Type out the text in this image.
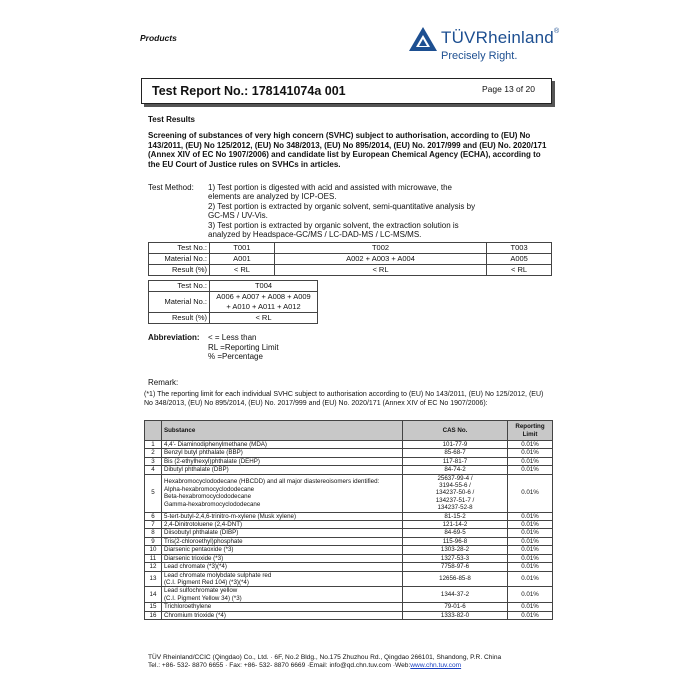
Products	TÜVRheinland®
Precisely Right.
Test Report No.: 178141074a 001	Page 13 of 20
Test Results
Screening of substances of very high concern (SVHC) subject to authorisation, according to (EU) No 143/2011, (EU) No 125/2012, (EU) No 348/2013, (EU) No 895/2014, (EU) No. 2017/999 and (EU) No. 2020/171 (Annex XIV of EC No 1907/2006) and candidate list by European Chemical Agency (ECHA), according to the EU Court of Justice rules on SVHCs in articles.
Test Method: 1) Test portion is digested with acid and assisted with microwave, the
elements are analyzed by ICP-OES.
2) Test portion is extracted by organic solvent, semi-quantitative analysis by
GC-MS / UV-Vis.
3) Test portion is extracted by organic solvent, the extraction solution is
analyzed by Headspace-GC/MS / LC-DAD-MS / LC-MS/MS.
Test No.:	T001	T002	T003
Material No.:	A001	A002 + A003 + A004	A005
Result (%)	< RL	< RL	< RL
Test No.:	T004
Material No.:	A006 + A007 + A008 + A009
+ A010 + A011 + A012

Result (%)	< RL
Abbreviation: < = Less than
RL =Reporting Limit
% =Percentage
Remark:
(*1) The reporting limit for each individual SVHC subject to authorisation according to (EU) No 143/2011, (EU) No 125/2012, (EU) No 348/2013, (EU) No 895/2014, (EU) No. 2017/999 and (EU) No. 2020/171 (Annex XIV of EC No 1907/2006):
	Substance	CAS No.	Reporting Limit
1	4,4'- Diaminodiphenylmethane (MDA)	101-77-9	0.01%
2	Benzyl butyl phthalate (BBP)	85-68-7	0.01%
3	Bis (2-ethylhexyl)phthalate (DEHP)	117-81-7	0.01%
4	Dibutyl phthalate (DBP)	84-74-2	0.01%
5	Hexabromocyclododecane (HBCDD) and all major diastereoisomers identified:
Alpha-hexabromocyclododecane
Beta-hexabromocyclododecane
Gamma-hexabromocyclododecane	25637-99-4 /
3194-55-6 /
134237-50-6 /
134237-51-7 /
134237-52-8	0.01%
6	5-tert-butyl-2,4,6-trinitro-m-xylene (Musk xylene)	81-15-2	0.01%
7	2,4-Dinitrotoluene (2,4-DNT)	121-14-2	0.01%
8	Diisobutyl phthalate (DIBP)	84-69-5	0.01%
9	Tris(2-chloroethyl)phosphate	115-96-8	0.01%
10	Diarsenic pentaoxide (*3)	1303-28-2	0.01%
11	Diarsenic trioxide (*3)	1327-53-3	0.01%
12	Lead chromate (*3)(*4)	7758-97-6	0.01%
13	Lead chromate molybdate sulphate red
(C.I. Pigment Red 104) (*3)(*4)	12656-85-8	0.01%
14	Lead sulfochromate yellow
(C.I. Pigment Yellow 34) (*3)	1344-37-2	0.01%
15	Trichloroethylene	79-01-6	0.01%
16	Chromium trioxide (*4)	1333-82-0	0.01%
TÜV Rheinland/CCIC (Qingdao) Co., Ltd. · 6F, No.2 Bldg., No.175 Zhuzhou Rd., Qingdao 266101, Shandong, P.R. China
Tel.: +86- 532- 8870 6655 · Fax: +86- 532- 8870 6669 ·Email: info@qd.chn.tuv.com ·Web:www.chn.tuv.com
